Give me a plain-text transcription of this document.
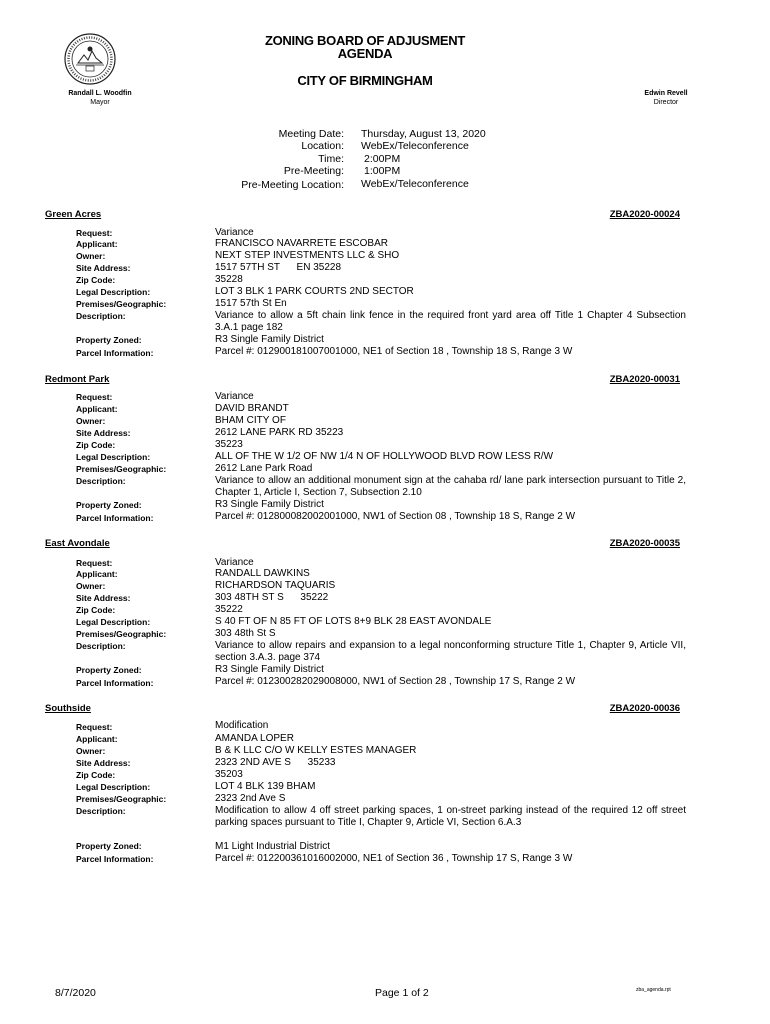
ZONING BOARD OF ADJUSMENT
AGENDA
CITY OF BIRMINGHAM
Randall L. Woodfin
Mayor
Edwin Revell
Director
Meeting Date: Thursday, August 13, 2020
Location: WebEx/Teleconference
Time: 2:00PM
Pre-Meeting: 1:00PM
Pre-Meeting Location: WebEx/Teleconference
Green Acres	ZBA2020-00024
Request:	Variance
Applicant:	FRANCISCO NAVARRETE ESCOBAR
Owner:	NEXT STEP INVESTMENTS LLC & SHO
Site Address:	1517 57TH ST      EN 35228
Zip Code:	35228
Legal Description:	LOT 3 BLK 1 PARK COURTS 2ND SECTOR
Premises/Geographic:	1517 57th St En
Description:	Variance to allow a 5ft chain link fence in the required front yard area off Title 1 Chapter 4 Subsection 3.A.1 page 182
Property Zoned:	R3 Single Family District
Parcel Information:	Parcel #: 012900181007001000, NE1 of Section 18 , Township 18 S, Range 3 W
Redmont Park	ZBA2020-00031
Request:	Variance
Applicant:	DAVID BRANDT
Owner:	BHAM CITY OF
Site Address:	2612 LANE PARK RD 35223
Zip Code:	35223
Legal Description:	ALL OF THE W 1/2 OF NW 1/4 N OF HOLLYWOOD BLVD ROW LESS R/W
Premises/Geographic:	2612 Lane Park Road
Description:	Variance to allow an additional monument sign at the cahaba rd/ lane park intersection pursuant to Title 2, Chapter 1, Article I, Section 7, Subsection 2.10
Property Zoned:	R3 Single Family District
Parcel Information:	Parcel #: 012800082002001000, NW1 of Section 08 , Township 18 S, Range 2 W
East Avondale	ZBA2020-00035
Request:	Variance
Applicant:	RANDALL DAWKINS
Owner:	RICHARDSON TAQUARIS
Site Address:	303 48TH ST S      35222
Zip Code:	35222
Legal Description:	S 40 FT OF N 85 FT OF LOTS 8+9 BLK 28 EAST AVONDALE
Premises/Geographic:	303 48th St S
Description:	Variance to allow repairs and expansion to a legal nonconforming structure Title 1, Chapter 9, Article VII, section 3.A.3. page 374
Property Zoned:	R3 Single Family District
Parcel Information:	Parcel #: 012300282029008000, NW1 of Section 28 , Township 17 S, Range 2 W
Southside	ZBA2020-00036
Request:	Modification
Applicant:	AMANDA LOPER
Owner:	B & K LLC C/O W KELLY ESTES MANAGER
Site Address:	2323 2ND AVE S      35233
Zip Code:	35203
Legal Description:	LOT 4 BLK 139 BHAM
Premises/Geographic:	2323 2nd Ave S
Description:	Modification to allow 4 off street parking spaces, 1 on-street parking instead of the required 12 off street parking spaces pursuant to Title I, Chapter 9, Article VI, Section 6.A.3
Property Zoned:	M1 Light Industrial District
Parcel Information:	Parcel #: 012200361016002000, NE1 of Section 36 , Township 17 S, Range 3 W
8/7/2020	Page 1 of 2	zba_agenda.rpt
